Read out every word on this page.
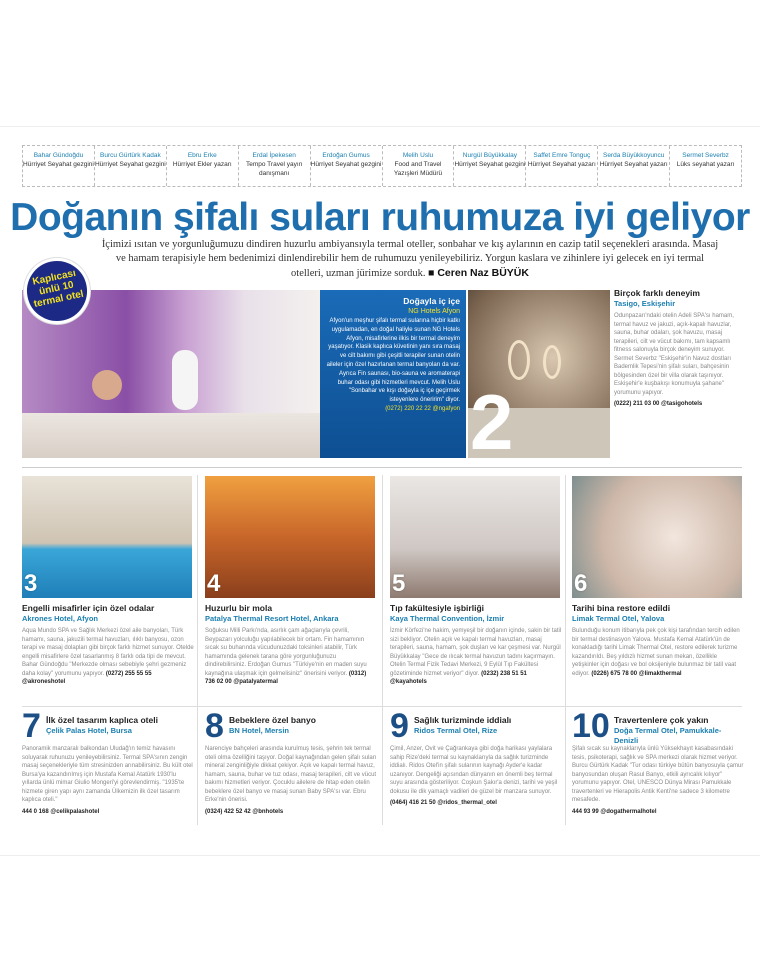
Bahar Gündoğdu
Hürriyet Seyahat gezgini
Burcu Gürtürk Kadak
Hürriyet Seyahat gezgini
Ebru Erke
Hürriyet Ekler yazarı
Erdal İpekesen
Tempo Travel yayın danışmanı
Erdoğan Gumus
Hürriyet Seyahat gezgini
Melih Uslu
Food and Travel Yazışleri Müdürü
Nurgül Büyükkalay
Hürriyet Seyahat gezgini
Saffet Emre Tonguç
Hürriyet Seyahat yazarı
Serda Büyükkoyuncu
Hürriyet Seyahat yazarı
Sermet Severbz
Lüks seyahat yazarı
Doğanın şifalı suları ruhumuza iyi geliyor
İçimizi ısıtan ve yorgunluğumuzu dindiren huzurlu ambiyansıyla termal oteller, sonbahar ve kış aylarının en cazip tatil seçenekleri arasında. Masaj ve hamam terapisiyle hem bedenimizi dinlendirebilir hem de ruhumuzu yenileyebiliriz. Yorgun kaslara ve zihinlere iyi gelecek en iyi termal otelleri, uzman jürimize sorduk. ■ Ceren Naz BÜYÜK
Kaplıcası ünlü 10 termal otel	Doğayla iç içe
NG Hotels Afyon
Afyon'un meşhur şifalı termal sularına hiçbir katkı uygulamadan, en doğal haliyle sunan NG Hotels Afyon, misafirlerine ilkis bir termal deneyim yaşatıyor. Klasik kaplıca küvetinin yanı sıra masaj ve cilt bakımı gibi çeşitli terapiler sunan otelin aileler için özel hazırlanan termal banyoları da var. Ayrıca Fin saunası, bio-sauna ve aromaterapi buhar odası gibi hizmetleri mevcut. Melih Uslu "Sonbahar ve kışı doğayla iç içe geçirmek isteyenlere öneririm" diyor.
(0272) 220 22 22 @ngafyon 2
Birçok farklı deneyim
Tasigo, Eskişehir
Odunpazarı'ndaki otelin Adeli SPA'sı hamam, termal havuz ve jakuzi, açık-kapalı havuzlar, sauna, buhar odaları, şok havuzu, masaj terapileri, cilt ve vücut bakımı, tam kapsamlı fitness salonuyla birçok deneyim sunuyor. Sermet Severbz "Eskişehir'in Navuz dostları Bademlik Tepesi'nin şifalı suları, bahçesinin bölgesinden özel bir villa olarak taşınıyor. Eskişehir'e kuşbakışı konumuyla şahane" yorumunu yapıyor.
(0222) 211 03 00 @tasigohotels
3
Engelli misafirler için özel odalar
Akrones Hotel, Afyon
Aqua Mundo SPA ve Sağlık Merkezi özel aile banyoları, Türk hamamı, sauna, jakuzili termal havuzları, ılıklı banyosu, ozon terapi ve masaj dolapları gibi birçok farklı hizmet sunuyor. Otelde engelli misafirlere özel tasarlanmış 8 farklı oda tipi de mevcut. Bahar Gündoğdu "Merkezde olması sebebiyle şehri gezmeniz daha kolay" yorumunu yapıyor. (0272) 255 55 55 @akroneshotel
4
Huzurlu bir mola
Patalya Thermal Resort Hotel, Ankara
Soğuksu Milli Parkı'nda, asırlık çam ağaçlarıyla çevrili, Beypazarı yolculuğu yapılabilecek bir ortam. Fin hamamının sıcak su buharında vücudunuzdaki toksinleri atabilir, Türk hamamında gelenek tarana göre yorgunluğunuzu dindirebilirsiniz. Erdoğan Gumus "Türkiye'nin en maden suyu kaynağına ulaşmak için gelmelisiniz" önerisini veriyor. (0312) 736 02 00 @patalyatermal
5
Tıp fakültesiyle işbirliği
Kaya Thermal Convention, İzmir
İzmir Körfezi'ne hakim, yemyeşil bir doğanın içinde, sakin bir tatil sizi bekliyor. Otelin açık ve kapalı termal havuzları, masaj terapileri, sauna, hamam, şok duşları ve kar çeşmesi var. Nurgül Büyükkalay "Gece de ılıcak termal havuzun tadını kaçırmayın. Otelin Termal Fizik Tedavi Merkezi, 9 Eylül Tıp Fakültesi gözetiminde hizmet veriyor" diyor. (0232) 238 51 51 @kayahotels
6
Tarihi bina restore edildi
Limak Termal Otel, Yalova
Bulunduğu konum itibarıyla pek çok kişi tarafından tercih edilen bir termal destinasyon Yalova. Mustafa Kemal Atatürk'ün de konakladığı tarihi Limak Thermal Otel, restore edilerek turizme kazandırıldı. Beş yıldızlı hizmet sunan mekan, özellikle yetişkinler için doğası ve bol oksijeniyle bulunmaz bir tatil vaat ediyor. (0226) 675 78 00 @limakthermal
7 İlk özel tasarım kaplıca oteli
Çelik Palas Hotel, Bursa
Panoramik manzaralı balkondan Uludağ'ın temiz havasını soluyarak ruhunuzu yenileyebilirsiniz. Termal SPA'sının zengin masaj seçenekleriyle tüm stresinizden arınabilirsiniz. Bu kült otel Bursa'ya kazandırılmış için Mustafa Kemal Atatürk 1930'lu yıllarda ünlü mimar Giulio Mongeri'yi görevlendirmiş. "1935'te hizmete giren yapı aynı zamanda Ülkemizin ilk özel tasarım kaplıca oteli."
444 0 168 @celikpalashotel
8 Bebeklere özel banyo
BN Hotel, Mersin
Narenciye bahçeleri arasında kurulmuş tesis, şehrin tek termal oteli olma özelliğini taşıyor. Doğal kaynağından gelen şifalı suları mineral zenginliğiyle dikkat çekiyor. Açık ve kapalı termal havuz, hamam, sauna, buhar ve tuz odası, masaj terapileri, cilt ve vücut bakımı hizmetleri veriyor. Çocuklu ailelere de hitap eden otelin bebeklere özel banyo ve masaj sunan Baby SPA'sı var. Ebru Erke'nin önerisi.
(0324) 422 52 42 @bnhotels
9 Sağlık turizminde iddialı
Ridos Termal Otel, Rize
Çimil, Anzer, Ovit ve Çağrankaya gibi doğa harikası yaylalara sahip Rize'deki termal su kaynaklarıyla da sağlık turizminde iddialı. Ridos Otel'in şifalı sularının kaynağı Ayder'e kadar uzanıyor. Dengeliği açısından dünyanın en önemli beş termal suyu arasında gösteriliyor. Coşkun Şakır'a denizi, tarihi ve yeşil dokusu ile dik yamaçlı vadileri de güzel bir manzara sunuyor.
(0464) 416 21 50 @ridos_thermal_otel
10 Travertenlere çok yakın
Doğa Termal Otel, Pamukkale-Denizli
Şifalı sıcak su kaynaklarıyla ünlü Yüksekhayıt kasabasındaki tesis, psikoterapi, sağlık ve SPA merkezi olarak hizmet veriyor. Burcu Gürtürk Kadak "Tur odası türkiye bütün banyosuyla çamur banyosundan oluşan Rasul Banyo, etkili ayrıcalık kılıyor" yorumunu yapıyor. Otel, UNESCO Dünya Mirası Pamukkale travertenleri ve Hierapolis Antik Kenti'ne sadece 3 kilometre mesafede.
444 93 99 @dogathermalhotel
